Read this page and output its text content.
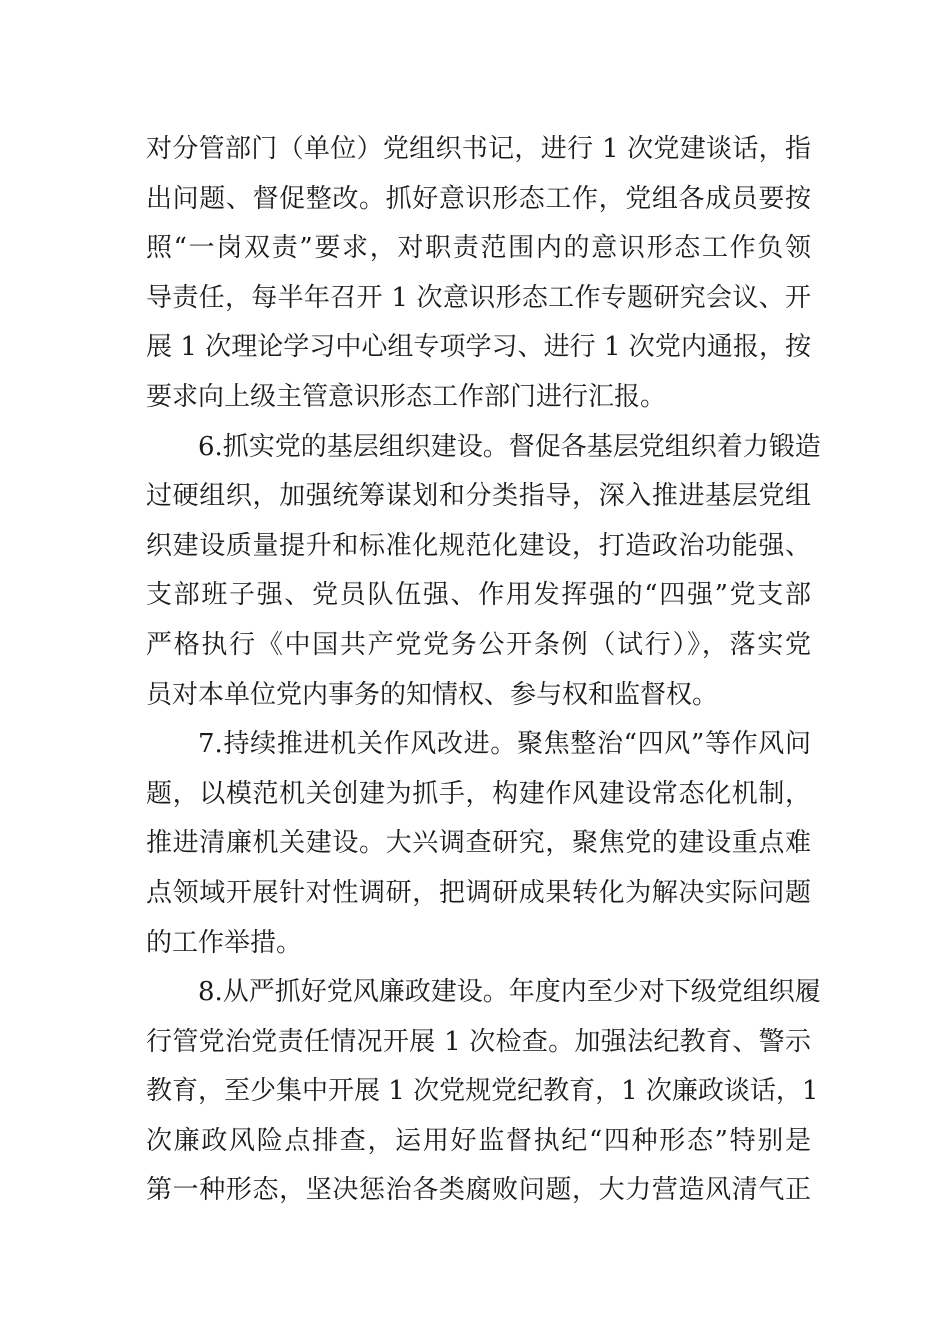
对分管部门（单位）党组织书记，进行 1 次党建谈话，指
出问题、督促整改。抓好意识形态工作，党组各成员要按
照“一岗双责”要求，对职责范围内的意识形态工作负领
导责任，每半年召开 1 次意识形态工作专题研究会议、开
展 1 次理论学习中心组专项学习、进行 1 次党内通报，按
要求向上级主管意识形态工作部门进行汇报。
6.抓实党的基层组织建设。督促各基层党组织着力锻造
过硬组织，加强统筹谋划和分类指导，深入推进基层党组
织建设质量提升和标准化规范化建设，打造政治功能强、
支部班子强、党员队伍强、作用发挥强的“四强”党支部
严格执行《中国共产党党务公开条例（试行）》，落实党
员对本单位党内事务的知情权、参与权和监督权。
7.持续推进机关作风改进。聚焦整治“四风”等作风问
题，以模范机关创建为抓手，构建作风建设常态化机制，
推进清廉机关建设。大兴调查研究，聚焦党的建设重点难
点领域开展针对性调研，把调研成果转化为解决实际问题
的工作举措。
8.从严抓好党风廉政建设。年度内至少对下级党组织履
行管党治党责任情况开展 1 次检查。加强法纪教育、警示
教育，至少集中开展 1 次党规党纪教育，1 次廉政谈话，1
次廉政风险点排查，运用好监督执纪“四种形态”特别是
第一种形态，坚决惩治各类腐败问题，大力营造风清气正
